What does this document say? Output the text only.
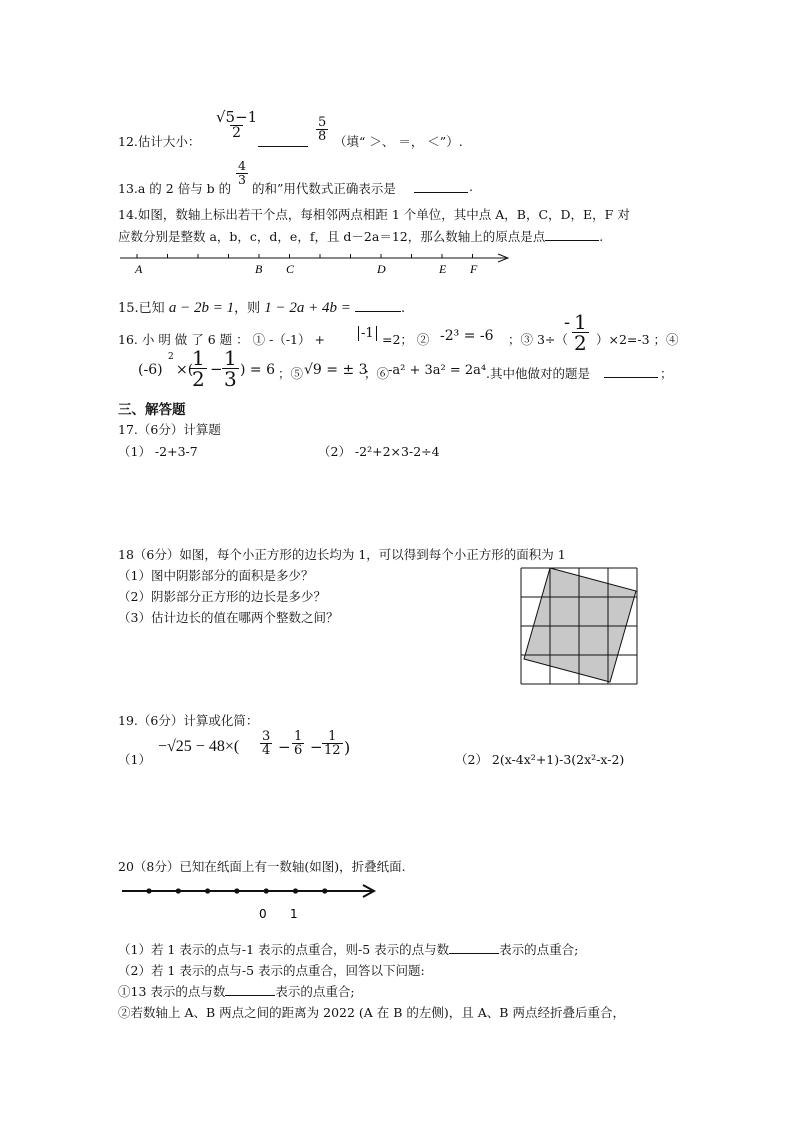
12.估计大小：
$\frac{√5-1}{2}$	$\frac{5}{8}$ （填“ ＞、 ＝， ＜”）.
13.a 的 2 倍与 b 的
$\frac{4}{3}$
的和”用代数式正确表示是	.
14.如图，数轴上标出若干个点，每相邻两点相距 1 个单位，其中点 A，B，C，D，E，F 对
应数分别是整数 a，b，c，d，e，f，且 d－2a＝12，那么数轴上的原点是点	.
A	B C	D	E F
15.已知 a − 2b = 1，则 1 − 2a + 4b =	.
16. 小 明 做 了 6 题 ： ① -（-1） +	-1 =2； ② -2³ = -6 ；③ 3÷（
- $\frac{1}{2} )\times 2=-3$ ；④
(-6)
2
×(
$\frac{1}{2} - \frac{1}{3}$ ) = 6 ；⑤ √9 = ± 3
；⑥
-a² + 3a² = 2a⁴ .其中他做对的题是	；
三、解答题
17.（6分）计算题
（1） -2+3-7	（2） -2²+2×3-2÷4
18（6分）如图，每个小正方形的边长均为 1，可以得到每个小正方形的面积为 1
（1）图中阴影部分的面积是多少？
（2）阴影部分正方形的边长是多少？
（3）估计边长的值在哪两个整数之间？
19.（6分）计算或化简：
（1）
$-√25 - 48\times( \frac{3}{4} - \frac{1}{6} - \frac{1}{12}$ )
（2） 2(x-4x²+1)-3(2x²-x-2)
20（8分）已知在纸面上有一数轴(如图)，折叠纸面.
0 1
（1）若 1 表示的点与-1 表示的点重合，则-5 表示的点与数	表示的点重合;
（2）若 1 表示的点与-5 表示的点重合，回答以下问题:
①13 表示的点与数	表示的点重合;
②若数轴上 A、B 两点之间的距离为 2022 (A 在 B 的左侧)，且 A、B 两点经折叠后重合，
